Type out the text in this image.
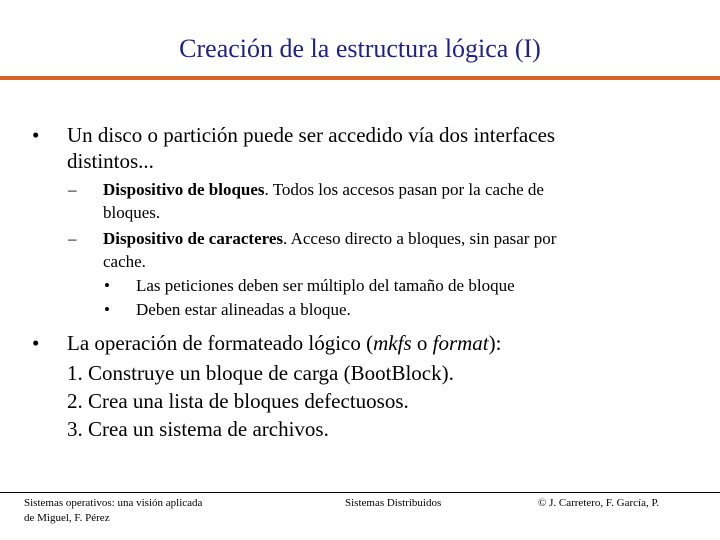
Creación de la estructura lógica (I)
• Un disco o partición puede ser accedido vía dos interfaces
distintos...
– Dispositivo de bloques. Todos los accesos pasan por la cache de
bloques.
– Dispositivo de caracteres. Acceso directo a bloques, sin pasar por
cache.
• Las peticiones deben ser múltiplo del tamaño de bloque
• Deben estar alineadas a bloque.
• La operación de formateado lógico (mkfs o format):
1. Construye un bloque de carga (BootBlock).
2. Crea una lista de bloques defectuosos.
3. Crea un sistema de archivos.
Sistemas operativos: una visión aplicada
de Miguel, F. Pérez
Sistemas Distribuidos	© J. Carretero, F. García, P.
